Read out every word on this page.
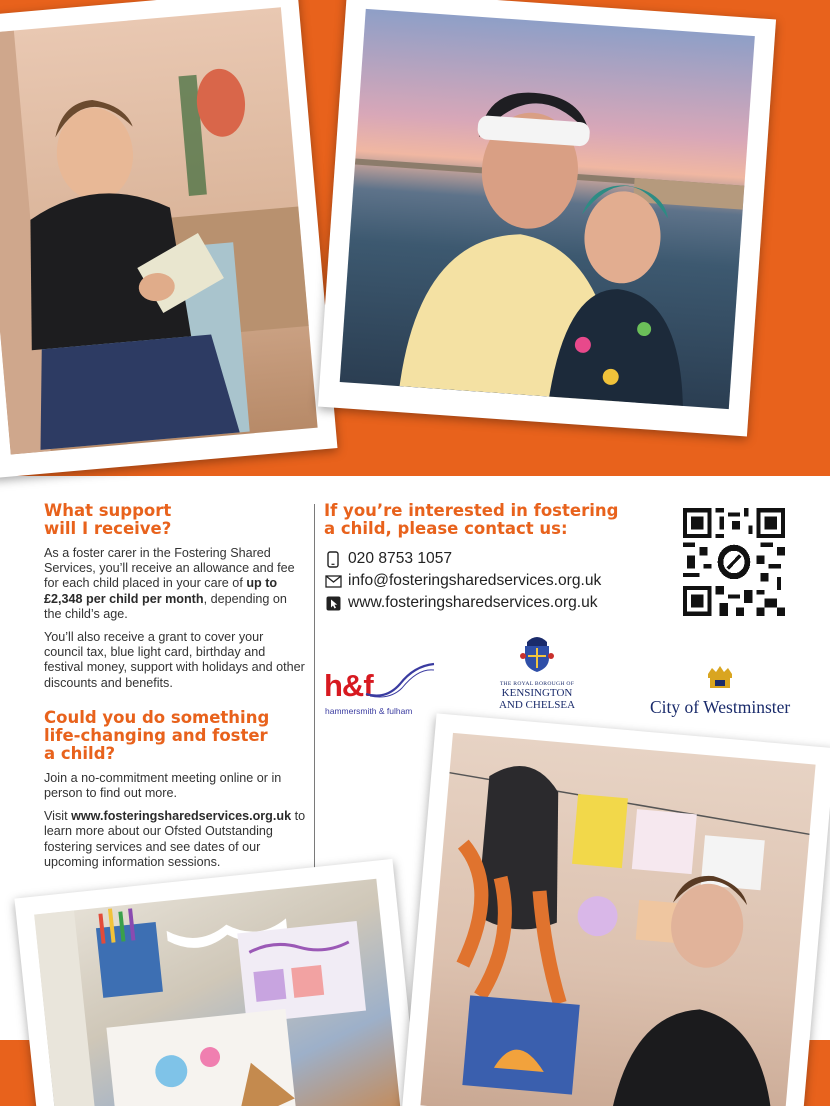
What support
will I receive?

As a foster carer in the Fostering Shared Services, you’ll receive an allowance and fee for each child placed in your care of up to £2,348 per child per month, depending on the child’s age.

You’ll also receive a grant to cover your council tax, blue light card, birthday and festival money, support with holidays and other discounts and benefits.

Could you do something
life-changing and foster
a child?

Join a no-commitment meeting online or in person to find out more.

Visit www.fosteringsharedservices.org.uk to learn more about our Ofsted Outstanding fostering services and see dates of our upcoming information sessions.

If you’re interested in fostering
a child, please contact us:
020 8753 1057
info@fosteringsharedservices.org.uk
www.fosteringsharedservices.org.uk
h&f
hammersmith & fulham
THE ROYAL BOROUGH OF
KENSINGTON
AND CHELSEA	City of Westminster
